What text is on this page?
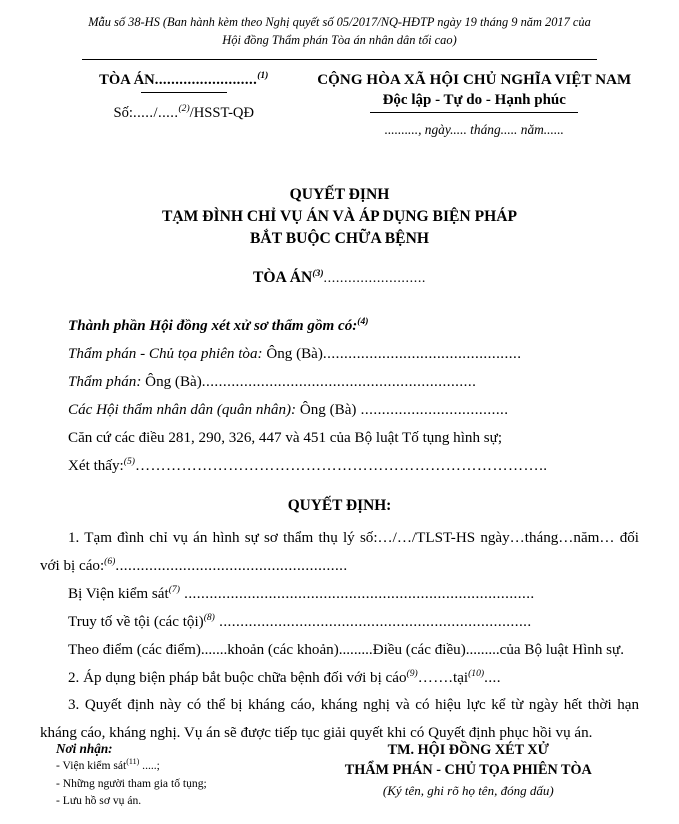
Mẫu số 38-HS (Ban hành kèm theo Nghị quyết số 05/2017/NQ-HĐTP ngày 19 tháng 9 năm 2017 của
Hội đồng Thẩm phán Tòa án nhân dân tối cao)
TÒA ÁN.........................$^{(1)}$
Số:...../.....$^{(2)}$/HSST-QĐ
CỘNG HÒA XÃ HỘI CHỦ NGHĨA VIỆT NAM
Độc lập - Tự do - Hạnh phúc
.........., ngày..... tháng..... năm......
QUYẾT ĐỊNH
TẠM ĐÌNH CHỈ VỤ ÁN VÀ ÁP DỤNG BIỆN PHÁP
BẮT BUỘC CHỮA BỆNH
TÒA ÁN$^{(3)}$.........................
Thành phần Hội đồng xét xử sơ thẩm gồm có:$^{(4)}$
Thẩm phán - Chủ tọa phiên tòa: Ông (Bà)...............................................
Thẩm phán: Ông (Bà).................................................................
Các Hội thẩm nhân dân (quân nhân): Ông (Bà) ...................................
Căn cứ các điều 281, 290, 326, 447 và 451 của Bộ luật Tố tụng hình sự;
Xét thấy:$^{(5)}$……………………………………………………………………..
QUYẾT ĐỊNH:
1. Tạm đình chỉ vụ án hình sự sơ thẩm thụ lý số:…/…/TLST-HS ngày…tháng…năm… đối với bị cáo:$^{(6)}$.......................................................
Bị Viện kiểm sát$^{(7)}$ ...................................................................................
Truy tố về tội (các tội)$^{(8)}$ ..........................................................................
Theo điểm (các điểm).......khoản (các khoản).........Điều (các điều).........của Bộ luật Hình sự.
2. Áp dụng biện pháp bắt buộc chữa bệnh đối với bị cáo$^{(9)}$…….tại$^{(10)}$....
3. Quyết định này có thể bị kháng cáo, kháng nghị và có hiệu lực kể từ ngày hết thời hạn kháng cáo, kháng nghị. Vụ án sẽ được tiếp tục giải quyết khi có Quyết định phục hồi vụ án.
Nơi nhận:
- Viện kiểm sát$^{(11)}$ .....;
- Những người tham gia tố tụng;
- Lưu hồ sơ vụ án.
TM. HỘI ĐỒNG XÉT XỬ
THẨM PHÁN - CHỦ TỌA PHIÊN TÒA
(Ký tên, ghi rõ họ tên, đóng dấu)
